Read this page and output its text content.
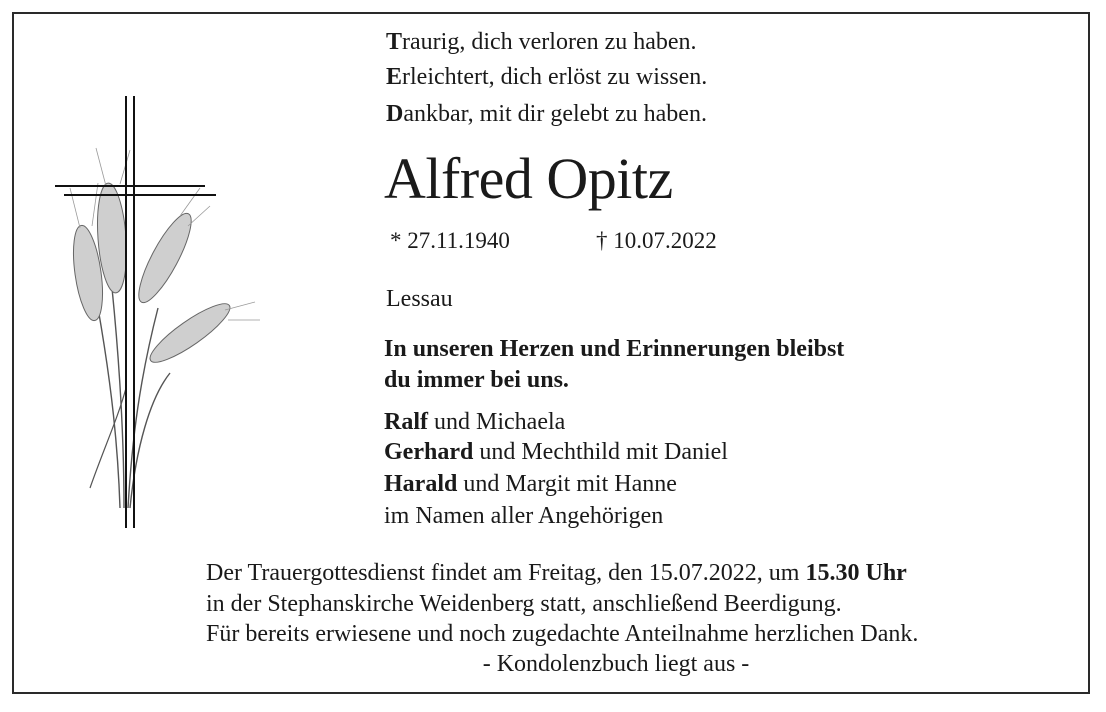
Traurig, dich verloren zu haben.
Erleichtert, dich erlöst zu wissen.
Dankbar, mit dir gelebt zu haben.
Alfred Opitz
* 27.11.1940	† 10.07.2022
Lessau
In unseren Herzen und Erinnerungen bleibst
du immer bei uns.
Ralf und Michaela
Gerhard und Mechthild mit Daniel
Harald und Margit mit Hanne
im Namen aller Angehörigen
Der Trauergottesdienst findet am Freitag, den 15.07.2022, um 15.30 Uhr
in der Stephanskirche Weidenberg statt, anschließend Beerdigung.
Für bereits erwiesene und noch zugedachte Anteilnahme herzlichen Dank.
- Kondolenzbuch liegt aus -
